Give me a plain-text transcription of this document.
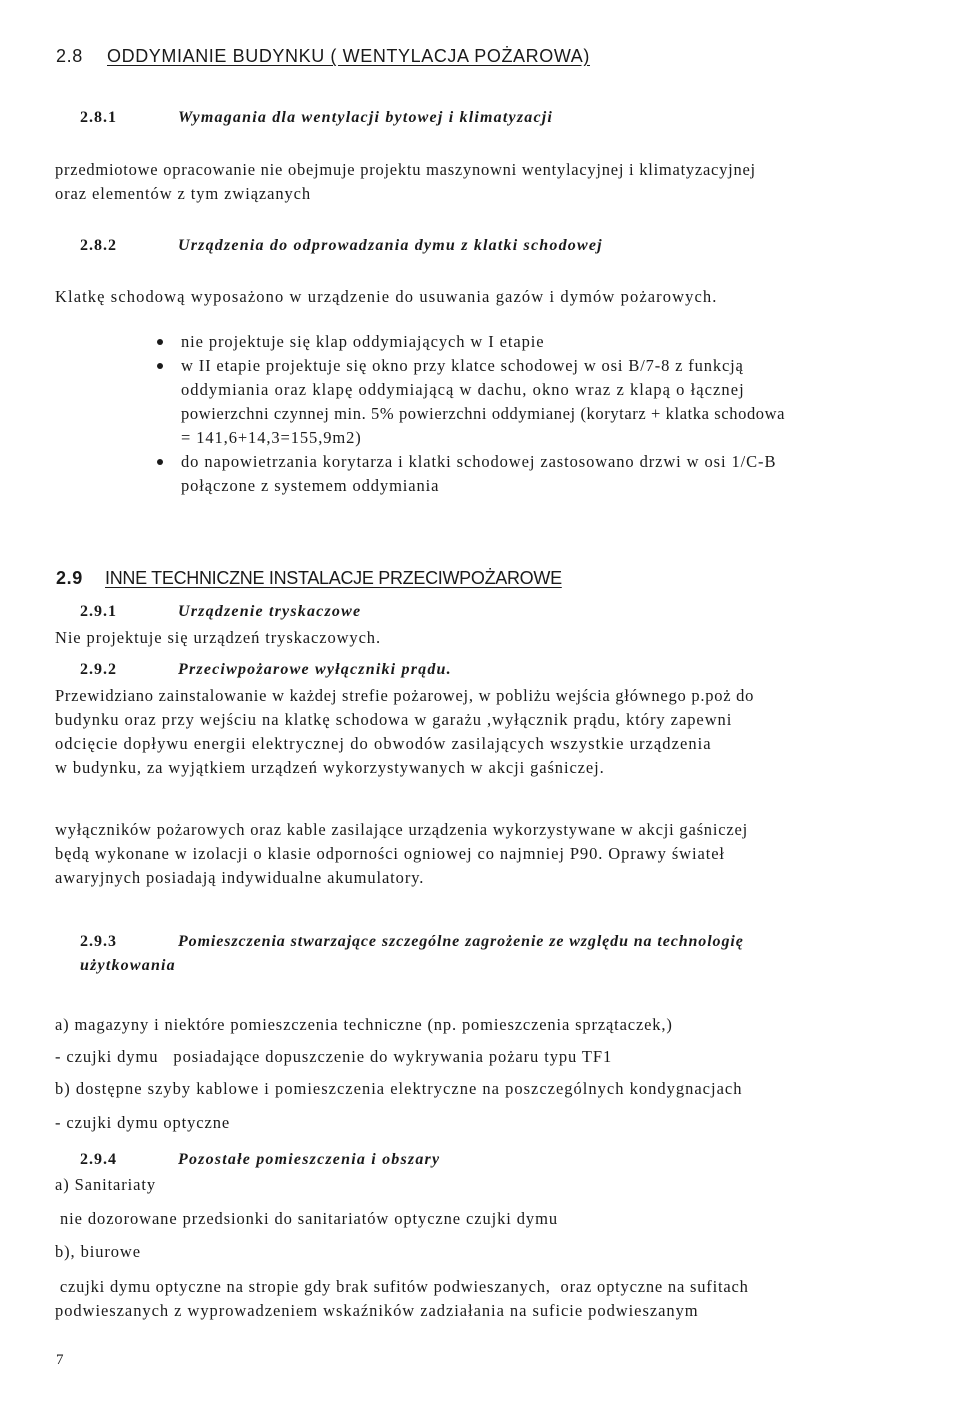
2.8 ODDYMIANIE BUDYNKU ( WENTYLACJA POŻAROWA)
2.8.1	Wymagania dla wentylacji bytowej i klimatyzacji
przedmiotowe opracowanie nie obejmuje projektu maszynowni wentylacyjnej i klimatyzacyjnej
oraz elementów z tym związanych
2.8.2	Urządzenia do odprowadzania dymu z klatki schodowej
Klatkę schodową wyposażono w urządzenie do usuwania gazów i dymów pożarowych.
nie projektuje się klap oddymiających w I etapie
w II etapie projektuje się okno przy klatce schodowej w osi B/7-8 z funkcją
oddymiania oraz klapę oddymiającą w dachu, okno wraz z klapą o łącznej
powierzchni czynnej min. 5% powierzchni oddymianej (korytarz + klatka schodowa
= 141,6+14,3=155,9m2)
do napowietrzania korytarza i klatki schodowej zastosowano drzwi w osi 1/C-B
połączone z systemem oddymiania
2.9 INNE TECHNICZNE INSTALACJE PRZECIWPOŻAROWE
2.9.1	Urządzenie tryskaczowe
Nie projektuje się urządzeń tryskaczowych.
2.9.2	Przeciwpożarowe wyłączniki prądu.
Przewidziano zainstalowanie w każdej strefie pożarowej, w pobliżu wejścia głównego p.poż do
budynku oraz przy wejściu na klatkę schodowa w garażu ,wyłącznik prądu, który zapewni
odcięcie dopływu energii elektrycznej do obwodów zasilających wszystkie urządzenia
w budynku, za wyjątkiem urządzeń wykorzystywanych w akcji gaśniczej.
wyłączników pożarowych oraz kable zasilające urządzenia wykorzystywane w akcji gaśniczej
będą wykonane w izolacji o klasie odporności ogniowej co najmniej P90. Oprawy świateł
awaryjnych posiadają indywidualne akumulatory.
2.9.3	Pomieszczenia stwarzające szczególne zagrożenie ze względu na technologię
użytkowania
a) magazyny i niektóre pomieszczenia techniczne (np. pomieszczenia sprzątaczek,)
- czujki dymu   posiadające dopuszczenie do wykrywania pożaru typu TF1
b) dostępne szyby kablowe i pomieszczenia elektryczne na poszczególnych kondygnacjach
- czujki dymu optyczne
2.9.4	Pozostałe pomieszczenia i obszary
a) Sanitariaty
nie dozorowane przedsionki do sanitariatów optyczne czujki dymu
b), biurowe
czujki dymu optyczne na stropie gdy brak sufitów podwieszanych,  oraz optyczne na sufitach
podwieszanych z wyprowadzeniem wskaźników zadziałania na suficie podwieszanym
7
